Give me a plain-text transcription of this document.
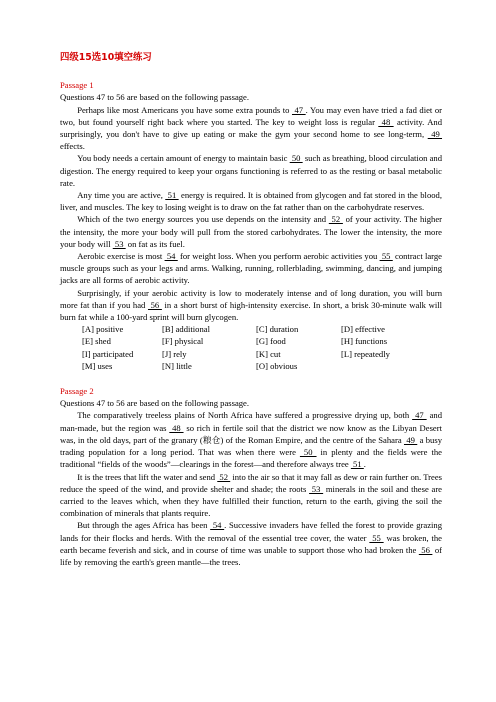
四级15选10填空练习
Passage 1

Questions 47 to 56 are based on the following passage.

Perhaps like most Americans you have some extra pounds to  47 . You may even have tried a fad diet or two, but found yourself right back where you started. The key to weight loss is regular  48  activity. And surprisingly, you don't have to give up eating or make the gym your second home to see long-term,  49  effects.

You body needs a certain amount of energy to maintain basic  50  such as breathing, blood circulation and digestion. The energy required to keep your organs functioning is referred to as the resting or basal metabolic rate.

Any time you are active,  51  energy is required. It is obtained from glycogen and fat stored in the blood, liver, and muscles. The key to losing weight is to draw on the fat rather than on the carbohydrate reserves.

Which of the two energy sources you use depends on the intensity and  52  of your activity. The higher the intensity, the more your body will pull from the stored carbohydrates. The lower the intensity, the more your body will  53  on fat as its fuel.

Aerobic exercise is most  54  for weight loss. When you perform aerobic activities you  55  contract large muscle groups such as your legs and arms. Walking, running, rollerblading, swimming, dancing, and jumping jacks are all forms of aerobic activity.

Surprisingly, if your aerobic activity is low to moderately intense and of long duration, you will burn more fat than if you had  56  in a short burst of high-intensity exercise. In short, a brisk 30-minute walk will burn fat while a 100-yard sprint will burn glycogen.

[A] positive	[B] additional	[C] duration	[D] effective
[E] shed	[F] physical	[G] food	[H] functions
[I] participated	[J] rely	[K] cut	[L] repeatedly
[M] uses	[N] little	[O] obvious
Passage 2

Questions 47 to 56 are based on the following passage.

The comparatively treeless plains of North Africa have suffered a progressive drying up, both  47  and man-made, but the region was  48  so rich in fertile soil that the district we now know as the Libyan Desert was, in the old days, part of the granary (粮仓) of the Roman Empire, and the centre of the Sahara  49  a busy trading population for a long period. That was when there were  50  in plenty and the fields were the traditional “fields of the woods”—clearings in the forest—and therefore always tree  51 .

It is the trees that lift the water and send  52  into the air so that it may fall as dew or rain further on. Trees reduce the speed of the wind, and provide shelter and shade; the roots  53  minerals in the soil and these are carried to the leaves which, when they have fulfilled their function, return to the earth, giving the soil the combination of minerals that plants require.

But through the ages Africa has been  54 . Successive invaders have felled the forest to provide grazing lands for their flocks and herds. With the removal of the essential tree cover, the water  55  was broken, the earth became feverish and sick, and in course of time was unable to support those who had broken the  56  of life by removing the earth's green mantle—the trees.
